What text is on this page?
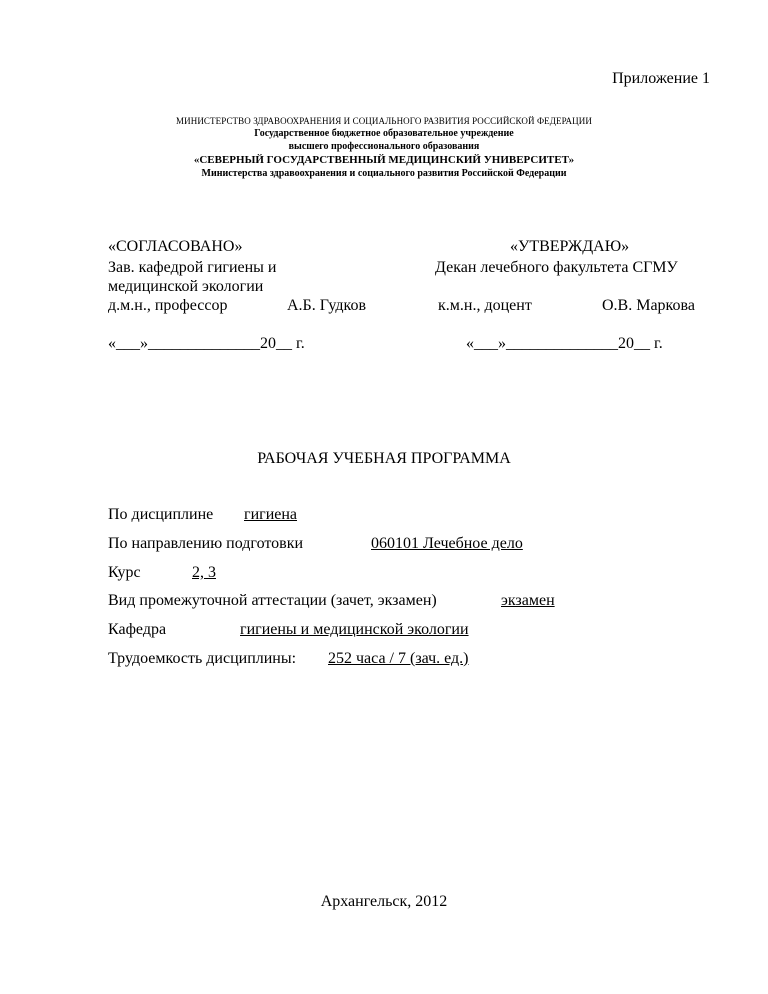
Приложение 1
МИНИСТЕРСТВО ЗДРАВООХРАНЕНИЯ И СОЦИАЛЬНОГО РАЗВИТИЯ РОССИЙСКОЙ ФЕДЕРАЦИИ
Государственное бюджетное образовательное учреждение
высшего профессионального образования
«СЕВЕРНЫЙ ГОСУДАРСТВЕННЫЙ МЕДИЦИНСКИЙ УНИВЕРСИТЕТ»
Министерства здравоохранения и социального развития Российской Федерации
«СОГЛАСОВАНО»
Зав. кафедрой гигиены и
медицинской экологии
д.м.н., профессор	А.Б. Гудков
«___»______________20__ г.
«УТВЕРЖДАЮ»
Декан лечебного факультета СГМУ
к.м.н., доцент	О.В. Маркова
«___»______________20__ г.
РАБОЧАЯ УЧЕБНАЯ ПРОГРАММА
По дисциплине гигиена
По направлению подготовки	060101 Лечебное дело
Курс	2, 3
Вид промежуточной аттестации (зачет, экзамен)	экзамен
Кафедра	гигиены и медицинской экологии
Трудоемкость дисциплины: 252 часа / 7 (зач. ед.)
Архангельск, 2012
